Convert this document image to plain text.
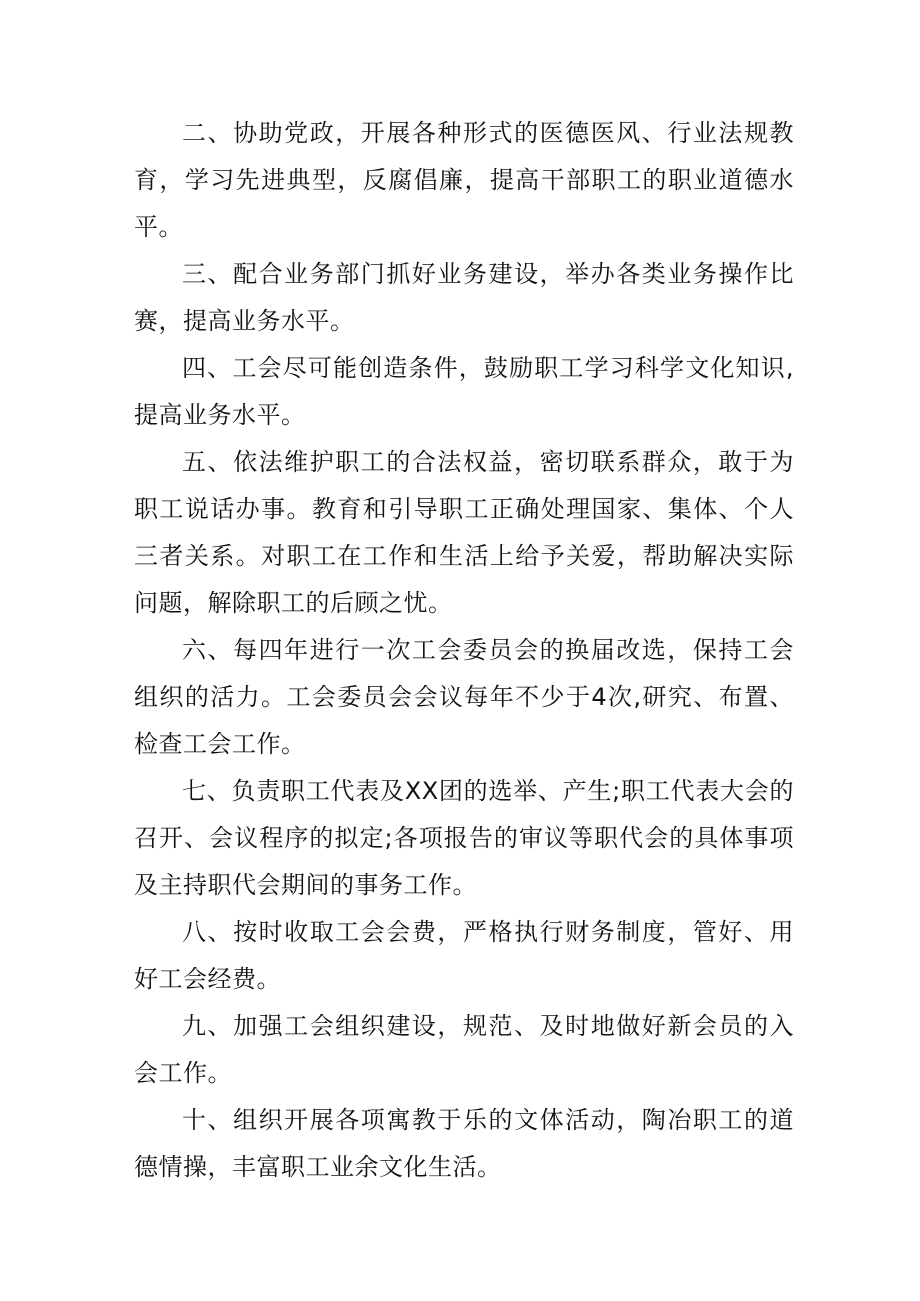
二、协助党政，开展各种形式的医德医风、行业法规教育，学习先进典型，反腐倡廉，提高干部职工的职业道德水平。

三、配合业务部门抓好业务建设，举办各类业务操作比赛，提高业务水平。

四、工会尽可能创造条件，鼓励职工学习科学文化知识,提高业务水平。

五、依法维护职工的合法权益，密切联系群众，敢于为职工说话办事。教育和引导职工正确处理国家、集体、个人三者关系。对职工在工作和生活上给予关爱，帮助解决实际问题，解除职工的后顾之忧。

六、每四年进行一次工会委员会的换届改选，保持工会组织的活力。工会委员会会议每年不少于4次,研究、布置、检查工会工作。

七、负责职工代表及XX团的选举、产生;职工代表大会的召开、会议程序的拟定;各项报告的审议等职代会的具体事项及主持职代会期间的事务工作。

八、按时收取工会会费，严格执行财务制度，管好、用好工会经费。

九、加强工会组织建设，规范、及时地做好新会员的入会工作。

十、组织开展各项寓教于乐的文体活动，陶冶职工的道德情操，丰富职工业余文化生活。
